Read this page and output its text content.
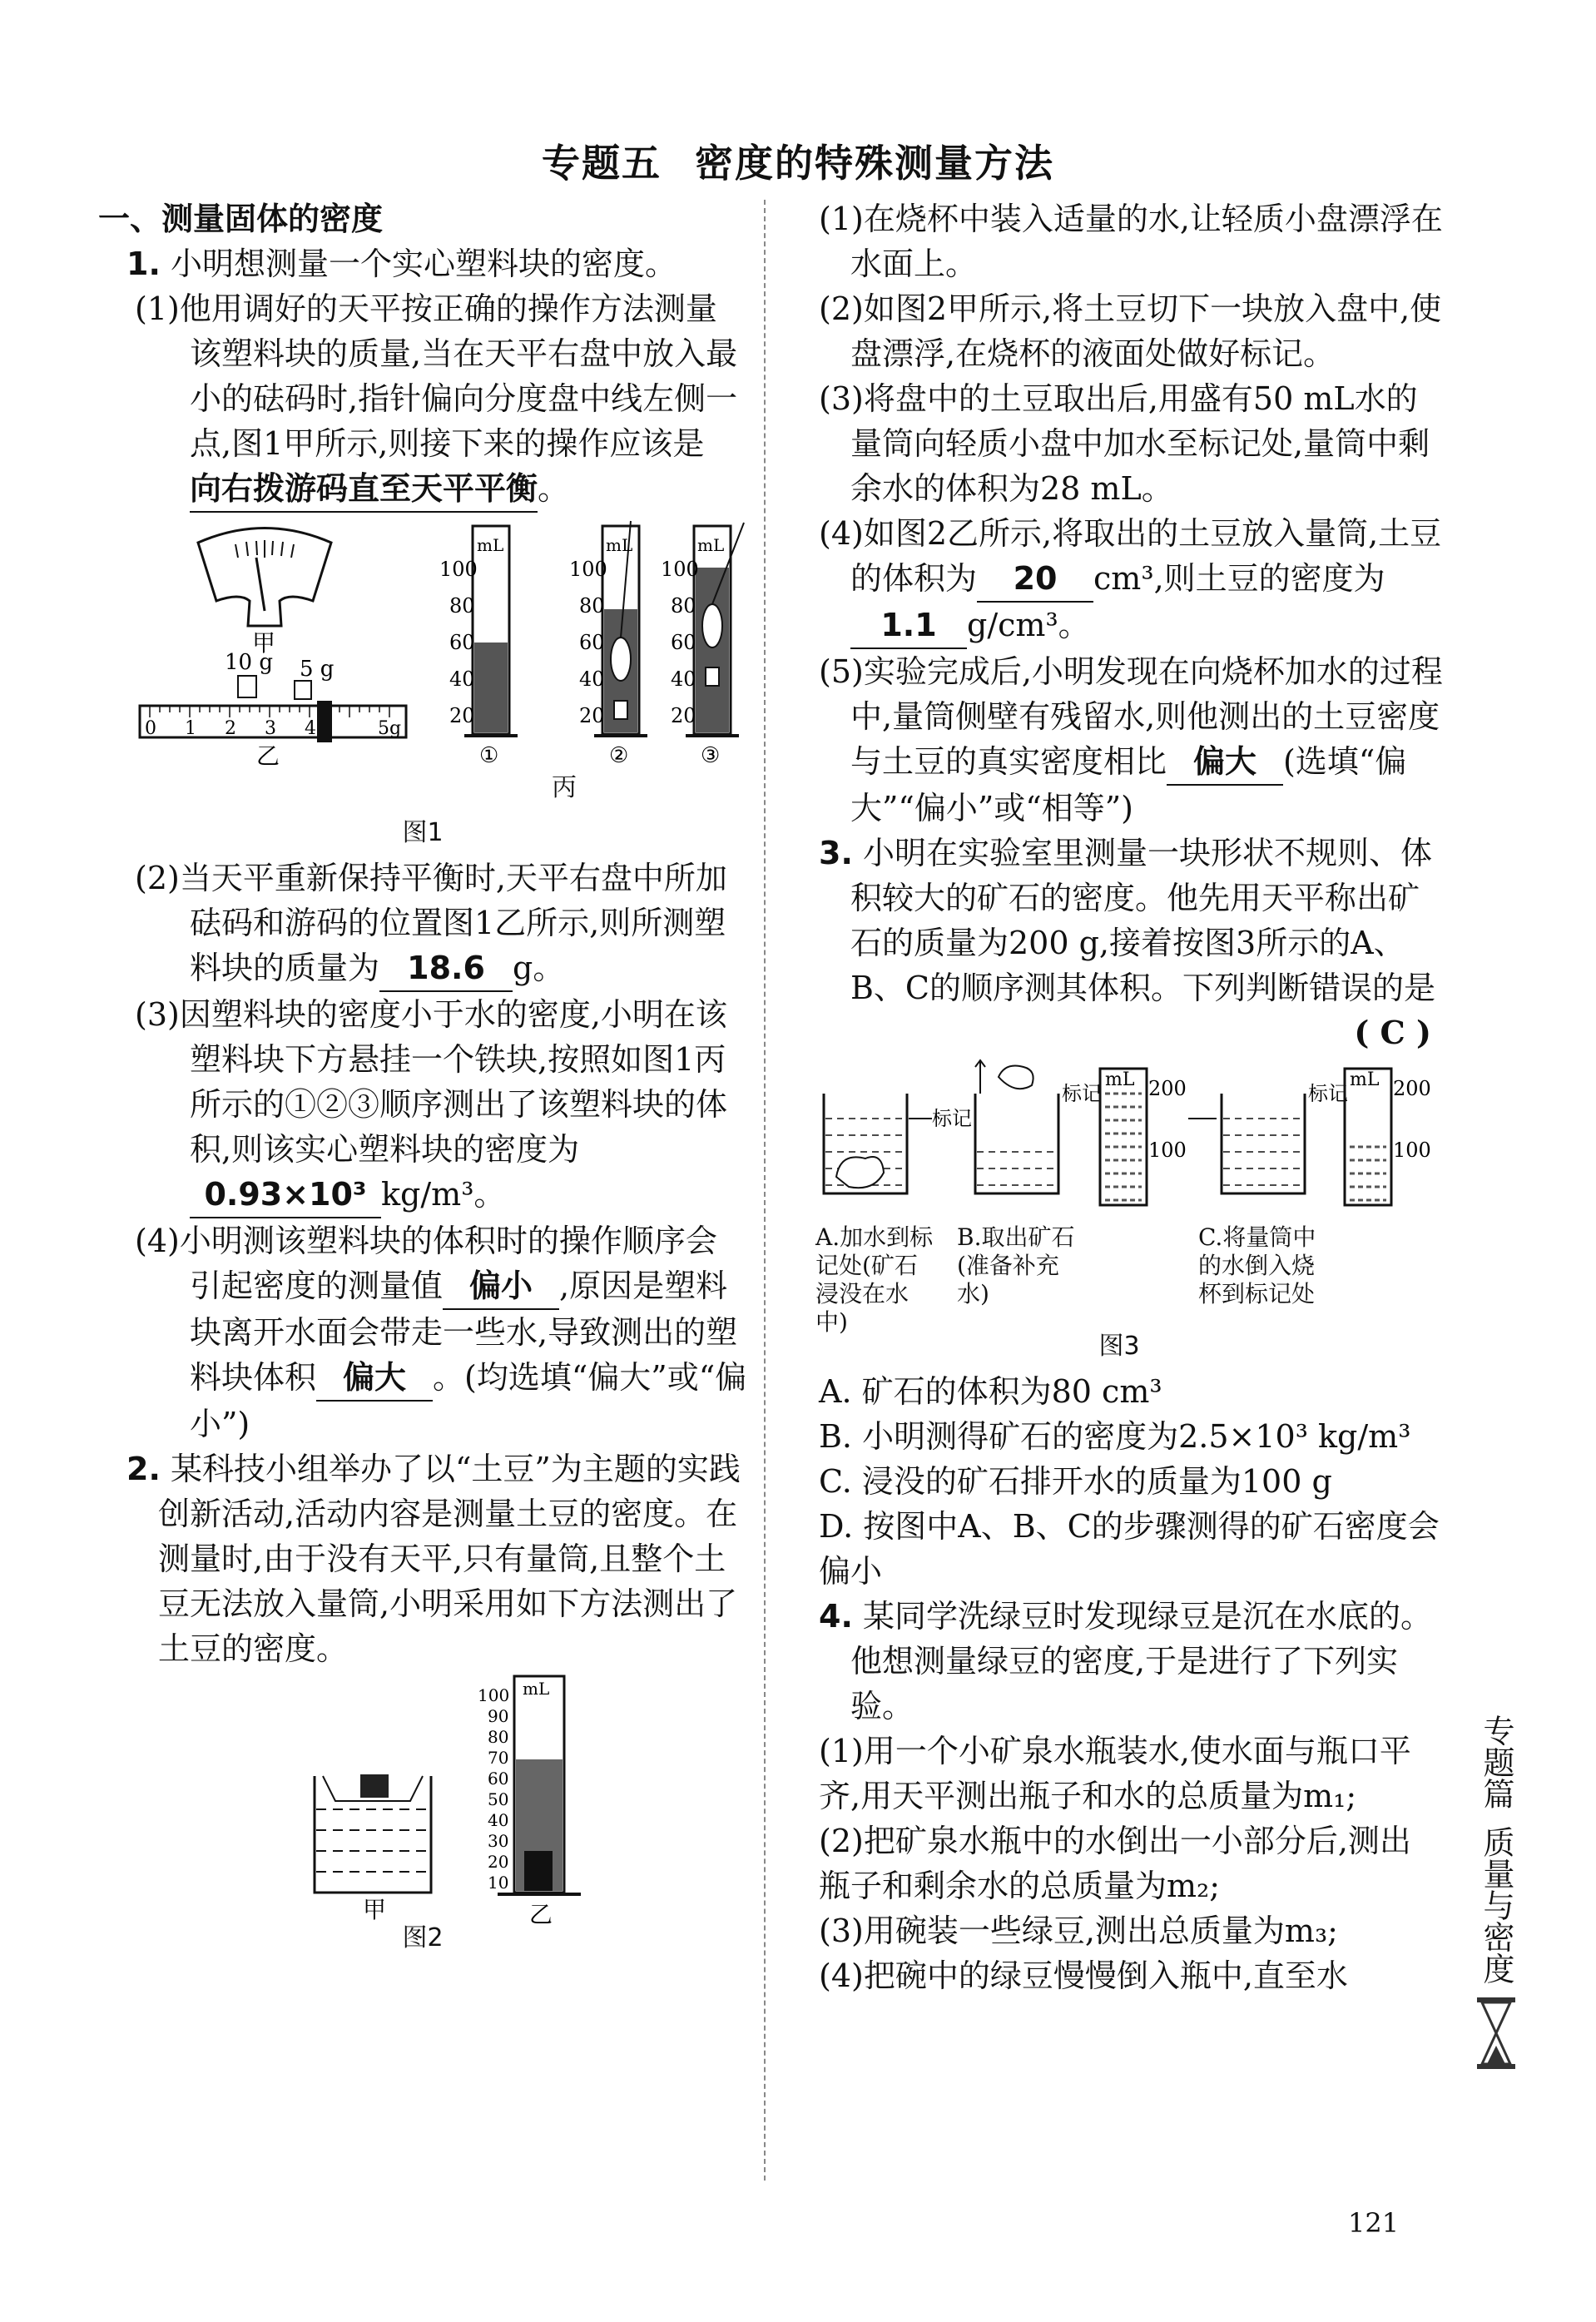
专题五 密度的特殊测量方法

一、测量固体的密度

1. 小明想测量一个实心塑料块的密度。

(1)他用调好的天平按正确的操作方法测量该塑料块的质量,当在天平右盘中放入最小的砝码时,指针偏向分度盘中线左侧一点,图1甲所示,则接下来的操作应该是向右拨游码直至天平平衡。

甲
10 g 5 g
0 1 2 3 4	5g
乙
mL
100
80
60
40
20
①
mL
100
80
60
40
20
②
mL
100
80
60
40
20
③
丙
图1

(2)当天平重新保持平衡时,天平右盘中所加砝码和游码的位置图1乙所示,则所测塑料块的质量为 18.6 g。

(3)因塑料块的密度小于水的密度,小明在该塑料块下方悬挂一个铁块,按照如图1丙所示的①②③顺序测出了该塑料块的体积,则该实心塑料块的密度为0.93×10³ kg/m³。

(4)小明测该塑料块的体积时的操作顺序会引起密度的测量值 偏小 ,原因是塑料块离开水面会带走一些水,导致测出的塑料块体积 偏大 。(均选填“偏大”或“偏小”)

2. 某科技小组举办了以“土豆”为主题的实践创新活动,活动内容是测量土豆的密度。在测量时,由于没有天平,只有量筒,且整个土豆无法放入量筒,小明采用如下方法测出了土豆的密度。

甲
mL
100
90
80
70
60
50
40
30
20
10
乙
图2

(1)在烧杯中装入适量的水,让轻质小盘漂浮在水面上。

(2)如图2甲所示,将土豆切下一块放入盘中,使盘漂浮,在烧杯的液面处做好标记。

(3)将盘中的土豆取出后,用盛有50 mL水的量筒向轻质小盘中加水至标记处,量筒中剩余水的体积为28 mL。

(4)如图2乙所示,将取出的土豆放入量筒,土豆的体积为 20 cm³,则土豆的密度为1.1 g/cm³。

(5)实验完成后,小明发现在向烧杯加水的过程中,量筒侧壁有残留水,则他测出的土豆密度与土豆的真实密度相比 偏大 (选填“偏大”“偏小”或“相等”)

3. 小明在实验室里测量一块形状不规则、体积较大的矿石的密度。他先用天平称出矿石的质量为200 g,接着按图3所示的A、B、C的顺序测其体积。下列判断错误的是

( C )

标记
标记
mL 200
100
标记
mL 200
100
A.加水到标记处(矿石浸没在水中)
B.取出矿石(准备补充水)
C.将量筒中的水倒入烧杯到标记处
图3

A. 矿石的体积为80 cm³

B. 小明测得矿石的密度为2.5×10³ kg/m³

C. 浸没的矿石排开水的质量为100 g

D. 按图中A、B、C的步骤测得的矿石密度会偏小

4. 某同学洗绿豆时发现绿豆是沉在水底的。他想测量绿豆的密度,于是进行了下列实验。

(1)用一个小矿泉水瓶装水,使水面与瓶口平齐,用天平测出瓶子和水的总质量为m₁;

(2)把矿泉水瓶中的水倒出一小部分后,测出瓶子和剩余水的总质量为m₂;

(3)用碗装一些绿豆,测出总质量为m₃;

(4)把碗中的绿豆慢慢倒入瓶中,直至水

专题篇
质量与密度
121
